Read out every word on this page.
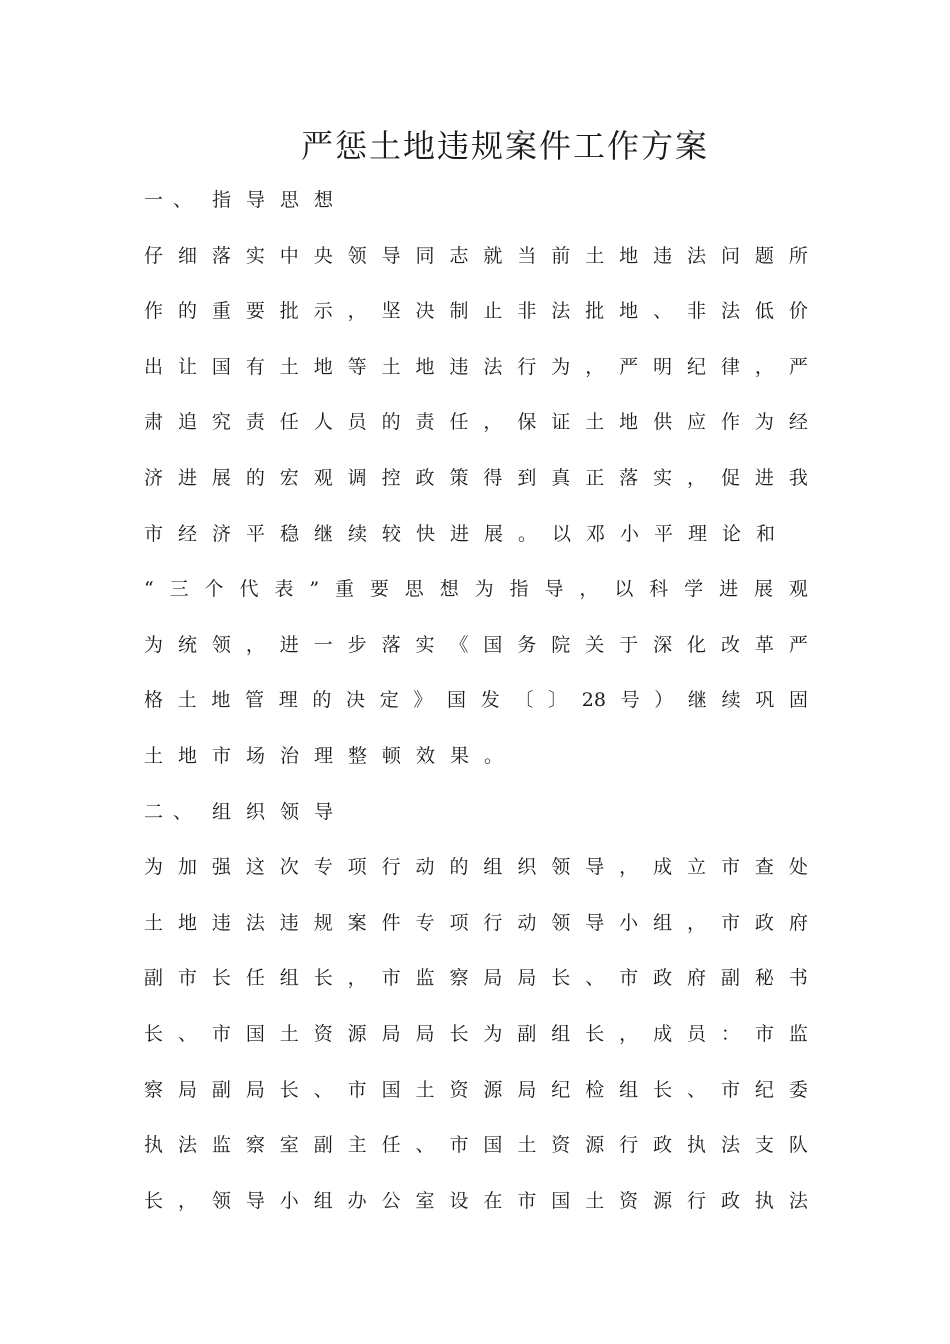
严惩土地违规案件工作方案
一、 指导思想
仔 细 落 实 中 央 领 导 同 志 就 当 前 土 地 违 法 问 题 所
作 的 重 要 批 示 ， 坚 决 制 止 非 法 批 地 、 非 法 低 价
出 让 国 有 土 地 等 土 地 违 法 行 为 ， 严 明 纪 律 ， 严
肃 追 究 责 任 人 员 的 责 任 ， 保 证 土 地 供 应 作 为 经
济 进 展 的 宏 观 调 控 政 策 得 到 真 正 落 实 ， 促 进 我
市经济平稳继续较快进展。以邓小平理论和
“ 三 个 代 表 ” 重 要 思 想 为 指 导 ， 以 科 学 进 展 观
为 统 领 ， 进 一 步 落 实 《 国 务 院 关 于 深 化 改 革 严
格 土 地 管 理 的 决 定 》 国 发 〔 〕 28 号 ） 继 续 巩 固
土地市场治理整顿效果。
二、 组织领导
为 加 强 这 次 专 项 行 动 的 组 织 领 导 ， 成 立 市 查 处
土 地 违 法 违 规 案 件 专 项 行 动 领 导 小 组 ， 市 政 府
副 市 长 任 组 长 ， 市 监 察 局 局 长 、 市 政 府 副 秘 书
长 、 市 国 土 资 源 局 局 长 为 副 组 长 ， 成 员 ： 市 监
察 局 副 局 长 、 市 国 土 资 源 局 纪 检 组 长 、 市 纪 委
执 法 监 察 室 副 主 任 、 市 国 土 资 源 行 政 执 法 支 队
长 ， 领 导 小 组 办 公 室 设 在 市 国 土 资 源 行 政 执 法
